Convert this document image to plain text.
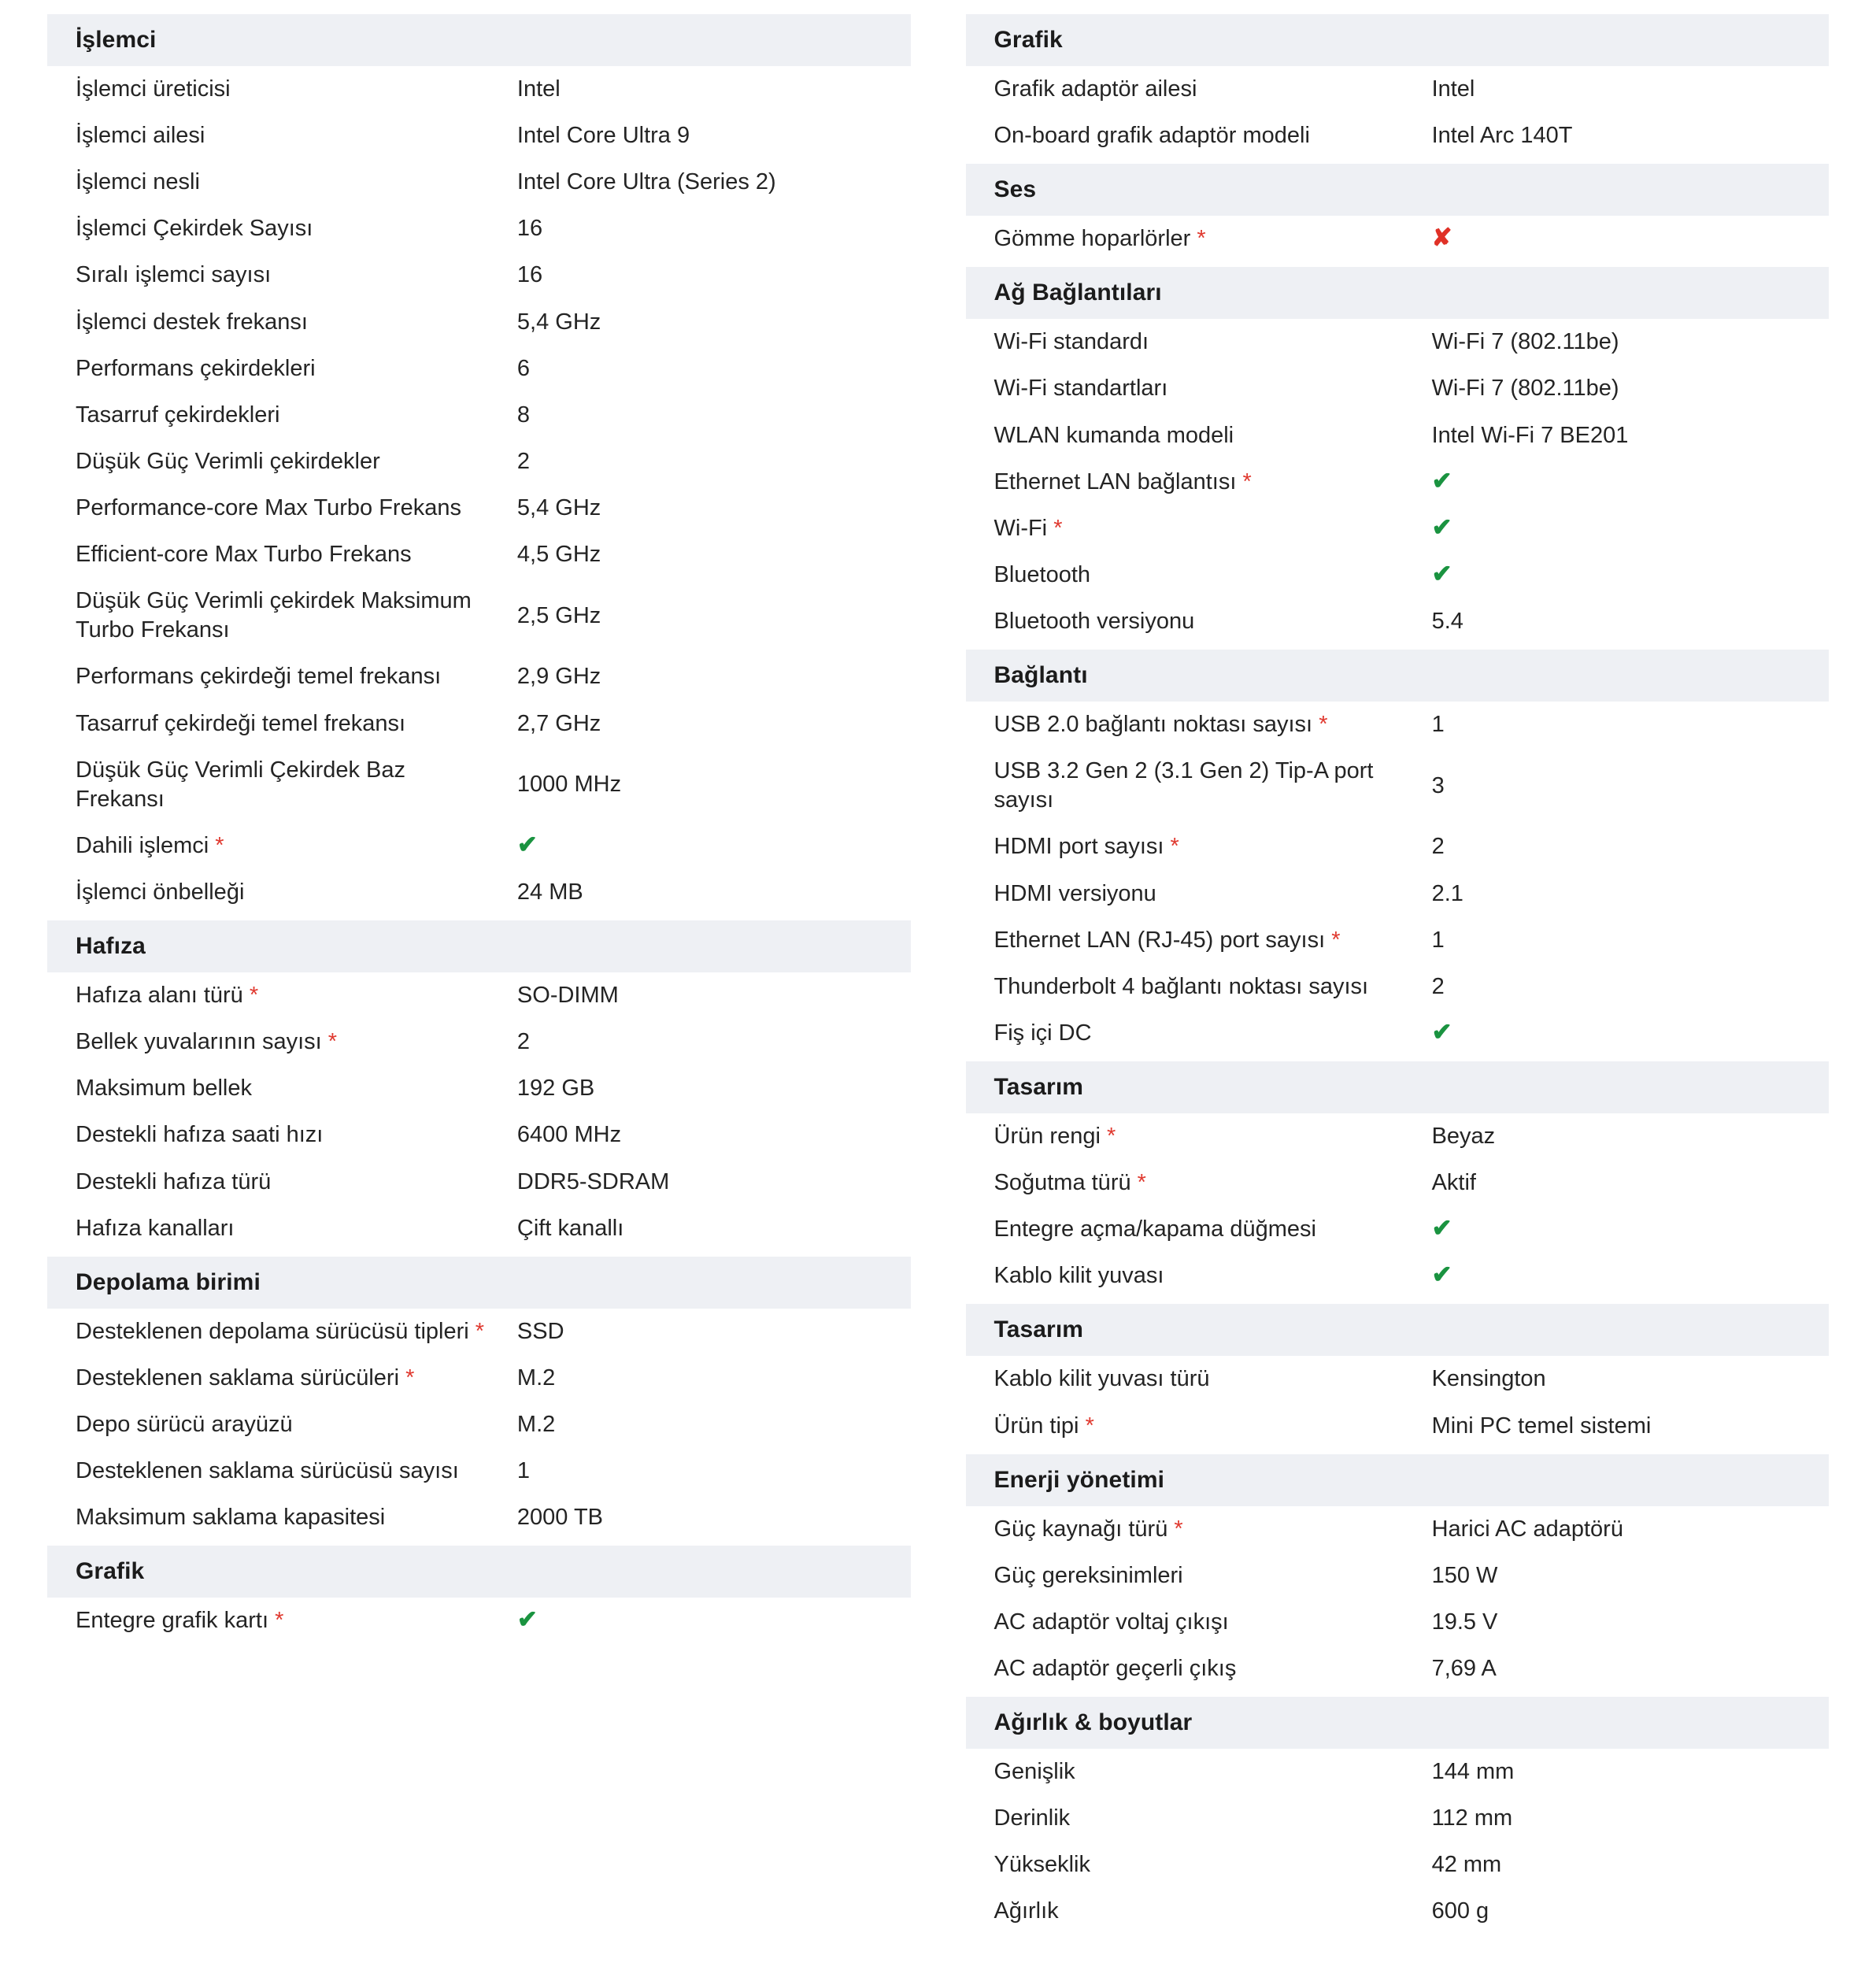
İşlemci
İşlemci üreticisi	Intel
İşlemci ailesi	Intel Core Ultra 9
İşlemci nesli	Intel Core Ultra (Series 2)
İşlemci Çekirdek Sayısı	16
Sıralı işlemci sayısı	16
İşlemci destek frekansı	5,4 GHz
Performans çekirdekleri	6
Tasarruf çekirdekleri	8
Düşük Güç Verimli çekirdekler	2
Performance-core Max Turbo Frekans	5,4 GHz
Efficient-core Max Turbo Frekans	4,5 GHz
Düşük Güç Verimli çekirdek Maksimum Turbo Frekansı	2,5 GHz
Performans çekirdeği temel frekansı	2,9 GHz
Tasarruf çekirdeği temel frekansı	2,7 GHz
Düşük Güç Verimli Çekirdek Baz Frekansı	1000 MHz
Dahili işlemci *	✔
İşlemci önbelleği	24 MB
Hafıza
Hafıza alanı türü *	SO-DIMM
Bellek yuvalarının sayısı *	2
Maksimum bellek	192 GB
Destekli hafıza saati hızı	6400 MHz
Destekli hafıza türü	DDR5-SDRAM
Hafıza kanalları	Çift kanallı
Depolama birimi
Desteklenen depolama sürücüsü tipleri *	SSD
Desteklenen saklama sürücüleri *	M.2
Depo sürücü arayüzü	M.2
Desteklenen saklama sürücüsü sayısı	1
Maksimum saklama kapasitesi	2000 TB
Grafik
Entegre grafik kartı *	✔
Grafik
Grafik adaptör ailesi	Intel
On-board grafik adaptör modeli	Intel Arc 140T
Ses
Gömme hoparlörler *	✘
Ağ Bağlantıları
Wi-Fi standardı	Wi-Fi 7 (802.11be)
Wi-Fi standartları	Wi-Fi 7 (802.11be)
WLAN kumanda modeli	Intel Wi-Fi 7 BE201
Ethernet LAN bağlantısı *	✔
Wi-Fi *	✔
Bluetooth	✔
Bluetooth versiyonu	5.4
Bağlantı
USB 2.0 bağlantı noktası sayısı *	1
USB 3.2 Gen 2 (3.1 Gen 2) Tip-A port sayısı	3
HDMI port sayısı *	2
HDMI versiyonu	2.1
Ethernet LAN (RJ-45) port sayısı *	1
Thunderbolt 4 bağlantı noktası sayısı	2
Fiş içi DC	✔
Tasarım
Ürün rengi *	Beyaz
Soğutma türü *	Aktif
Entegre açma/kapama düğmesi	✔
Kablo kilit yuvası	✔
Tasarım
Kablo kilit yuvası türü	Kensington
Ürün tipi *	Mini PC temel sistemi
Enerji yönetimi
Güç kaynağı türü *	Harici AC adaptörü
Güç gereksinimleri	150 W
AC adaptör voltaj çıkışı	19.5 V
AC adaptör geçerli çıkış	7,69 A
Ağırlık & boyutlar
Genişlik	144 mm
Derinlik	112 mm
Yükseklik	42 mm
Ağırlık	600 g
